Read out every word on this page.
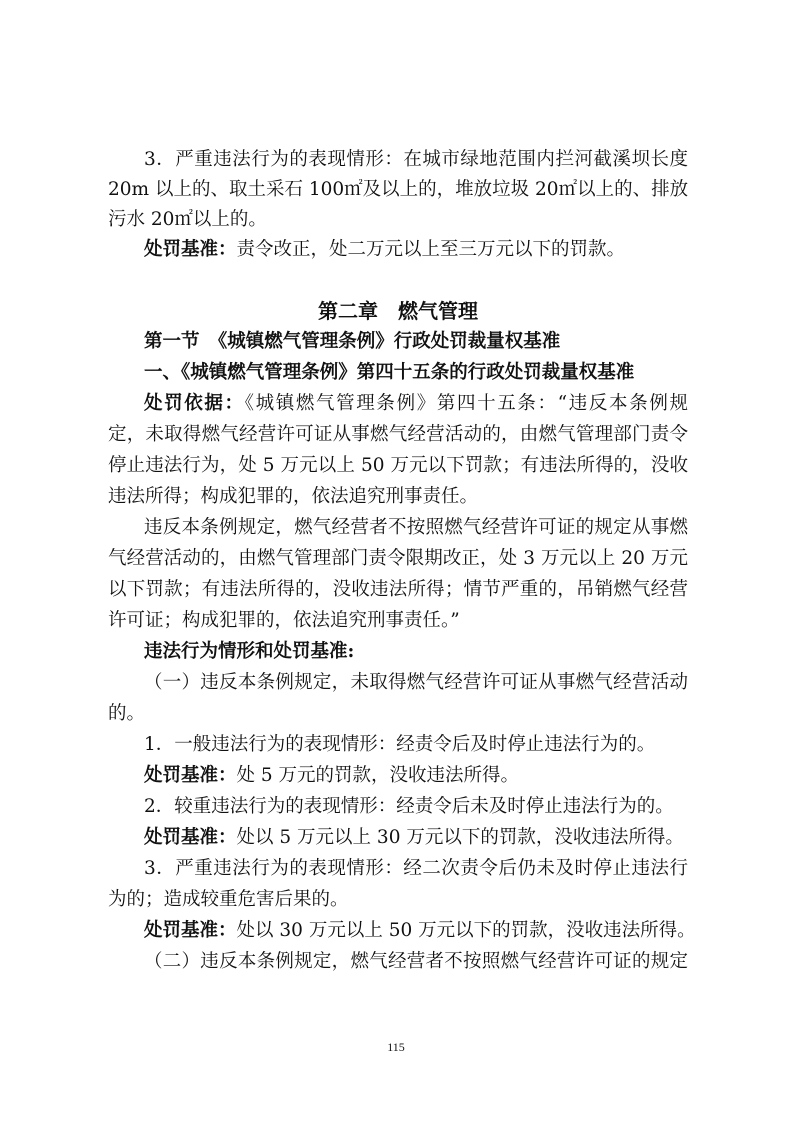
3．严重违法行为的表现情形：在城市绿地范围内拦河截溪坝长度
20m 以上的、取土采石 100㎡及以上的，堆放垃圾 20㎡以上的、排放
污水 20㎡以上的。
处罚基准：责令改正，处二万元以上至三万元以下的罚款。
第二章　燃气管理
第一节　《城镇燃气管理条例》行政处罚裁量权基准
一、《城镇燃气管理条例》第四十五条的行政处罚裁量权基准
处罚依据：《城镇燃气管理条例》第四十五条：“违反本条例规
定，未取得燃气经营许可证从事燃气经营活动的，由燃气管理部门责令
停止违法行为，处 5 万元以上 50 万元以下罚款；有违法所得的，没收
违法所得；构成犯罪的，依法追究刑事责任。
违反本条例规定，燃气经营者不按照燃气经营许可证的规定从事燃
气经营活动的，由燃气管理部门责令限期改正，处 3 万元以上 20 万元
以下罚款；有违法所得的，没收违法所得；情节严重的，吊销燃气经营
许可证；构成犯罪的，依法追究刑事责任。”
违法行为情形和处罚基准:
（一）违反本条例规定，未取得燃气经营许可证从事燃气经营活动
的。
1．一般违法行为的表现情形：经责令后及时停止违法行为的。
处罚基准：处 5 万元的罚款，没收违法所得。
2．较重违法行为的表现情形：经责令后未及时停止违法行为的。
处罚基准：处以 5 万元以上 30 万元以下的罚款，没收违法所得。
3．严重违法行为的表现情形：经二次责令后仍未及时停止违法行
为的；造成较重危害后果的。
处罚基准：处以 30 万元以上 50 万元以下的罚款，没收违法所得。
（二）违反本条例规定，燃气经营者不按照燃气经营许可证的规定
115
